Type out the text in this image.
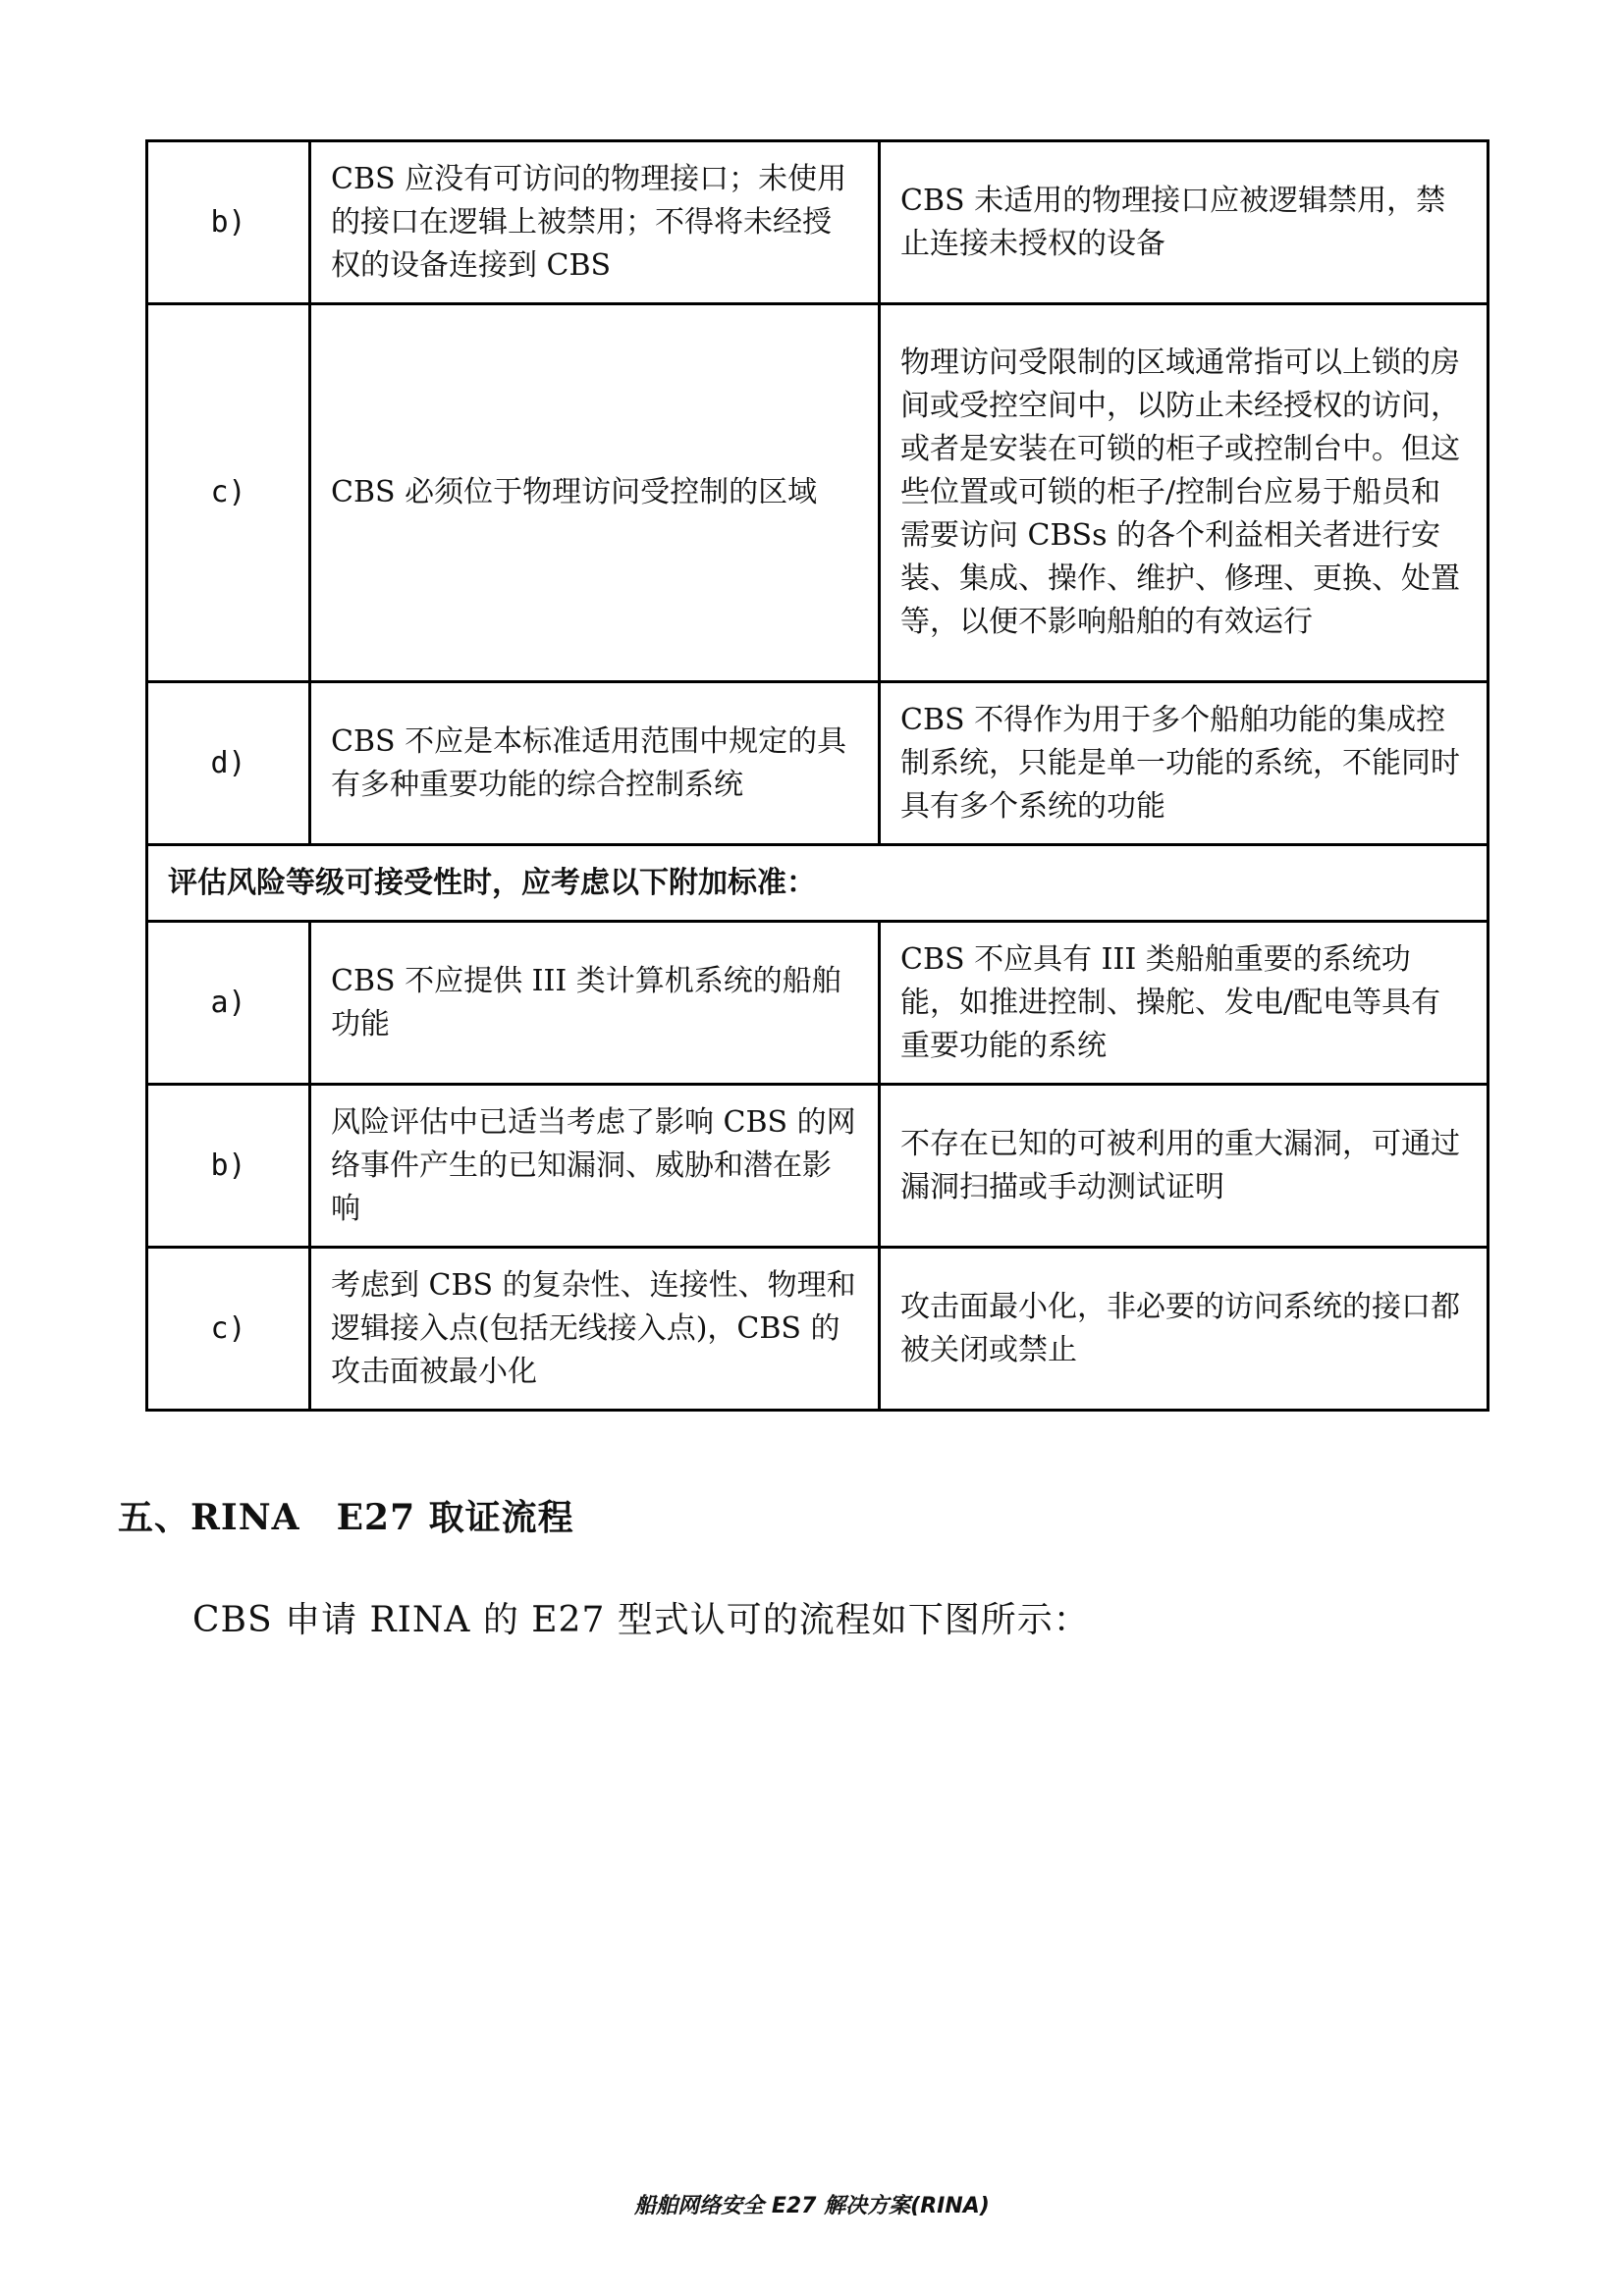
b)	CBS 应没有可访问的物理接口；未使用的接口在逻辑上被禁用；不得将未经授权的设备连接到 CBS	CBS 未适用的物理接口应被逻辑禁用，禁止连接未授权的设备
c)	CBS 必须位于物理访问受控制的区域	物理访问受限制的区域通常指可以上锁的房间或受控空间中，以防止未经授权的访问，或者是安装在可锁的柜子或控制台中。但这些位置或可锁的柜子/控制台应易于船员和需要访问 CBSs 的各个利益相关者进行安装、集成、操作、维护、修理、更换、处置等，以便不影响船舶的有效运行
d)	CBS 不应是本标准适用范围中规定的具有多种重要功能的综合控制系统	CBS 不得作为用于多个船舶功能的集成控制系统，只能是单一功能的系统，不能同时具有多个系统的功能
评估风险等级可接受性时，应考虑以下附加标准：		
a)	CBS 不应提供 III 类计算机系统的船舶功能	CBS 不应具有 III 类船舶重要的系统功能，如推进控制、操舵、发电/配电等具有重要功能的系统
b)	风险评估中已适当考虑了影响 CBS 的网络事件产生的已知漏洞、威胁和潜在影响	不存在已知的可被利用的重大漏洞，可通过漏洞扫描或手动测试证明
c)	考虑到 CBS 的复杂性、连接性、物理和逻辑接入点(包括无线接入点)，CBS 的攻击面被最小化	攻击面最小化，非必要的访问系统的接口都被关闭或禁止
五、RINA　E27 取证流程

CBS 申请 RINA 的 E27 型式认可的流程如下图所示：

船舶网络安全 E27 解决方案(RINA)
